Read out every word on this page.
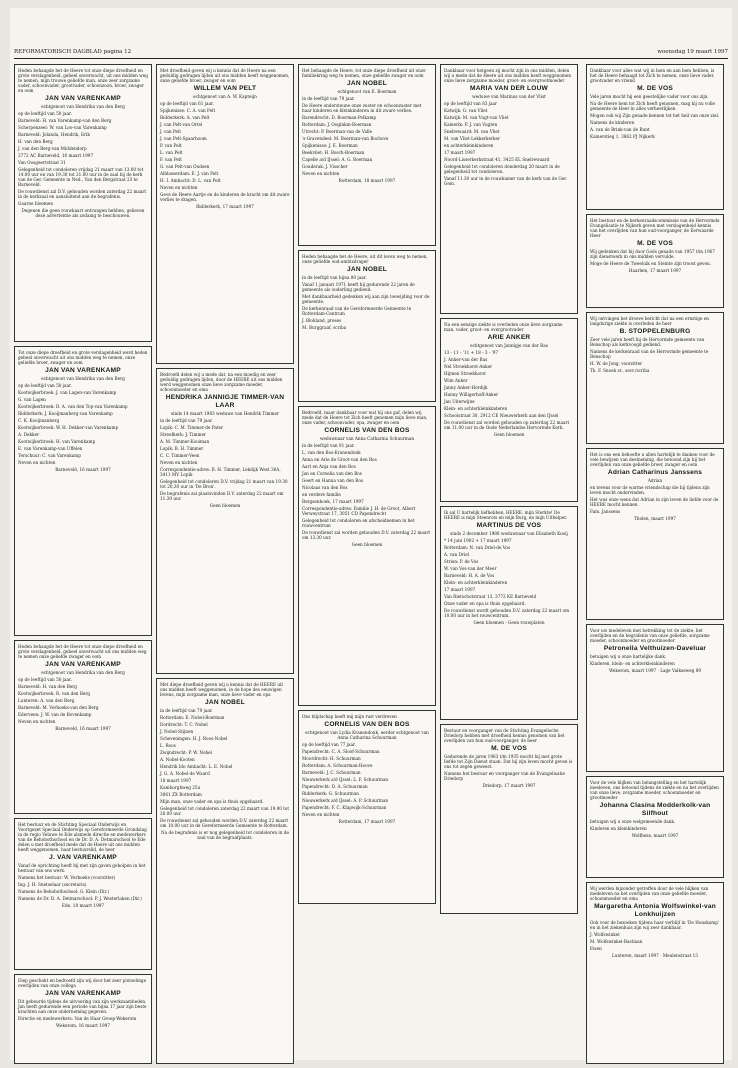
REFORMATORISCH DAGBLAD pagina 12	woensdag 19 maart 1997

Heden behaagde het de Heere tot onze diepe droefheid en grote verslagenheid, geheel onverwacht, uit ons midden weg te nemen, mijn trouwe geliefde man, onze zeer zorgzame vader, schoonvader, grootvader, schoonzoon, broer, zwager en oom

JAN VAN VARENKAMP
echtgenoot van Hendrika van den Berg

op de leeftijd van 50 jaar.

Barneveld: H. van Varenkamp-van den Berg

Scherpenzeel: W. van Loo-van Varenkamp

Barneveld: Jolanda, Hendrik, Erik

H. van den Berg

J. van den Berg-van Middendorp

3772 AC Barneveld, 16 maart 1997

Van Oosgeertstraat 31

Gelegenheid tot condoleren vrijdag 21 maart van 13.00 tot 14.00 uur en van 19.30 tot 21.00 uur in de zaal bij de kerk van de Ger. Gemeente in Ned., Van den Bergstraat 23 te Barneveld.

De rouwdienst zal D.V. gehouden worden zaterdag 22 maart in de kerkzaal en aansluitend aan de begrafenis.

Gaarne bloemen

Degenen die geen rouwkaart ontvangen hebben, gelieven deze advertentie als zodanig te beschouwen.

Tot onze diepe droefheid en grote verslagenheid werd heden geheel onverwacht uit ons midden weg te nemen, onze geliefde broer, zwager en oom

JAN VAN VARENKAMP
echtgenoot van Hendrika van den Berg

op de leeftijd van 50 jaar.

Kootwijkerbroek: J. van Lagen-van Varenkamp

G. van Lagen

Kootwijkerbroek: D. A. van den Top-van Varenkamp

Ridderkerk: J. Kooijmanberg-van Varenkamp

C. K. Kooijmanberg

Kootwijkerbroek: W. H. Dekker-van Varenkamp

A. Dekker

Kootwijkerbroek: H. van Varenkamp

E. van Varenkamp-van Uffelen

Terschuur: C. van Varenkamp

Neven en nichten

Barneveld, 16 maart 1997

Heden behaagde het de Heere tot onze diepe droefheid en grote verslagenheid, geheel onverwacht uit ons midden weg te nemen onze geliefde zwager en oom

JAN VAN VARENKAMP
echtgenoot van Hendrika van den Berg

op de leeftijd van 50 jaar.

Barneveld: H. van den Berg

Kootwijkerbroek: R. van den Berg

Lunteren: A. van den Berg

Barneveld: M. Verhoeks-van den Berg

Ederveen: J. W. van de Bovenkamp

Neven en nichten

Barneveld, 16 maart 1997

Het bestuur en de Stichting Speciaal Onderwijs en Voortgezet Speciaal Onderwijs op Gereformeerde Grondslag in de regio Veluwe te Ede alsmede directie en medewerkers van de Rehobothschool en de Dr. D. A. Detmarschool te Ede delen u met droefheid mede dat de Heere uit ons midden heeft weggenomen, haar bestuurslid, de heer

J. VAN VARENKAMP

Vanaf de oprichting heeft hij met zijn gaven geholpen in het bestuur van ons werk.

Namens het bestuur: W. Verhoeks (voorzitter)

Ing. J. H. Snetselaar (secretaris)

Namens de Rehobothschool: G. Klein (Dir.)

Namens de Dr. D. A. Detmarschool: P. J. Westerlaken (Dir.)

Ede, 18 maart 1997

Diep geschokt en bedroefd zijn wij door het zeer plotselinge overlijden van onze collega

JAN VAN VARENKAMP

Dit gebeurde tijdens de uitvoering van zijn werkzaamheden. Jan heeft gedurende een periode van bijna 17 jaar zijn beste krachten aan onze onderneming gegeven.

Directie en medewerkers: Van de Haar Groep-Wekerom

Wekerom, 16 maart 1997

Met droefheid geven wij u kennis dat de Heere na een geduldig gedragen lijden uit ons midden heeft weggenomen, onze geliefde broer, zwager en oom

WILLEM VAN PELT
echtgenoot van A. W. Kapteijn

op de leeftijd van 61 jaar.

Spijkenisse: C. A. van Pelt

Ridderkerk: A. van Pelt

J. van Pelt-van Ortel

J. van Pelt

J. van Pelt-Spaarboom

P. van Pelt

L. van Pelt

F. van Pelt

G. van Pelt-van Oudsen

Alblasserdam: E. J. van Pelt

H. I. Ambacht: D. L. van Pelt

Neven en nichten

Geve de Heere Aartje en de kinderen de kracht om dit zware verlies te dragen.

Ridderkerk, 17 maart 1997

Bedroefd delen wij u mede dat, na een moedig en zeer geduldig gedragen lijden, door de HEERE uit ons midden werd weggenomen onze lieve zorgzame moeder, schoonmoeder en oma

HENDRIKA JANNIGJE TIMMER-VAN LAAR
sinds 14 maart 1983 weduwe van Hendrik Timmer

in de leeftijd van 79 jaar.

Lopik: C. M. Timmer-de Pater

Streefkerk: J. Timmer

A. M. Timmer-Kooiman

Lopik: B. H. Timmer

C. C. Timmer-Veen

Neven en nichten

Correspondentie-adres: B. H. Timmer, Lekdijk West 36A, 3411 MV Lopik

Gelegenheid tot condoleren D.V. vrijdag 21 maart van 19.30 tot 20.30 uur in 'De Bron'.

De begrafenis zal plaatsvinden D.V. zaterdag 22 maart om 11.30 uur.

Geen bloemen

Met diepe droefheid geven wij u kennis dat de HEERE uit ons midden heeft weggenomen, in de hope des eeuwigen levens, mijn zorgzame man, onze lieve vader en opa

JAN NOBEL

in de leeftijd van 79 jaar.

Rotterdam: E. Nobel-Boerman

Dordrecht: T. C. Nobel

J. Nobel-Stijnen

Scheveningen: H. J. Roos-Nobel

L. Roos

Zwijndrecht: P. W. Nobel

A. Nobel-Kooten

Hendrik Ido Ambacht: L. E. Nobel

J. G. A. Nobel-de Waard

18 maart 1997

Kamborghweg 25a

3061 ZX Rotterdam

Mijn man, onze vader en opa is thuis opgebaard.

Gelegenheid tot condoleren zaterdag 22 maart van 19.00 tot 20.00 uur.

De rouwdienst zal gehouden worden D.V. zaterdag 22 maart om 10.00 uur in de Gereformeerde Gemeente te Rotterdam.

Na de begrafenis is er nog gelegenheid tot condoleren in de zaal van de begraafplaats.

Het behaagde de Heere, tot onze diepe droefheid uit onze familiekring weg te nemen, onze geliefde zwager en oom

JAN NOBEL
echtgenoot van E. Boerman

in de leeftijd van 79 jaar.

De Heere ondersteune onze zuster en schoonzuster met haar kinderen en kleinkinderen in dit zware verlies.

Barendrecht: D. Boerman-Polkamp

Rotterdam: J. Ooginkm-Boerman

Utrecht: P. Boerman-van de Valle

's-Gravendeel: M. Boerman-van Bochove

Spijkenisse: J. E. Boerman

Beekvliet: H. Bosch-Boerman

Capelle a/d IJssel: A. G. Boerman

Gouderak: J. Visscher

Neven en nichten

Rotterdam, 18 maart 1997

Heden behaagde het de Heere, uit dit leven weg te nemen, onze geliefde oud-ambtsdrager

JAN NOBEL

in de leeftijd van bijna 80 jaar.

Vanaf 1 januari 1971 heeft hij gedurende 22 jaren de gemeente als ouderling gediend.

Met dankbaarheid gedenken wij aan zijn toewijding voor de gemeente.

De kerkenraad van de Gereformeerde Gemeente te Rotterdam-Centrum

J. Blokland, preses

M. Burggraaf, scriba

Bedroefd, maar dankbaar voor wat hij ons gaf, delen wij mede dat de Heere tot Zich heeft genomen mijn lieve man, onze vader, schoonvader, opa, zwager en oom

CORNELIS VAN DEN BOS
weduwnaar van Anna Catharina Schuurman

in de leeftijd van 91 jaar.

L. van den Bos-Kranendonk

Anna en Arie de Groot-van den Bos

Aart en Anja van den Bos

Jan en Cornelia van den Bos

Geert en Hanna van den Bos

Nicolaas van den Bos

en verdere familie

Bergsenhoek, 17 maart 1997

Correspondentie-adres: Familie J. H. de Groot, Albert Verweystraat 17, 3051 CD Papendrecht

Gelegenheid tot condoleren en afscheidnemen in het rouwcentrum

De rouwdienst zal worden gehouden D.V. zaterdag 22 maart om 13.30 uur.

Geen bloemen

Ons blijdschap heeft mij mijn rust verdreven

CORNELIS VAN DEN BOS
echtgenoot van Lydia Kranendonk, eerder echtgenoot van Anna Catharina Schuurman

op de leeftijd van 77 jaar.

Papendrecht: C. A. Sloof-Schuurman

Moordrecht: H. Schuurman

Rotterdam: A. Schuurman-Hoove

Barneveld: J. C. Schuurman

Nieuwerkerk a/d IJssel: L. F. Schuurman

Papendrecht: D. A. Schuurman

Ridderkerk: G. Schuurman

Nieuwerkerk a/d IJssel: A. P. Schuurman

Papendrecht: F. C. Klapwijk-Schuurman

Neven en nichten

Rotterdam, 17 maart 1997

Dankbaar voor hetgeen zij mocht zijn in ons midden, delen wij u mede dat de Heere uit ons midden heeft weggenomen onze lieve zorgzame moeder, groot- en overgrootmoeder

MARIA VAN DER LOUW
weduwe van Marinus van der Vlist

op de leeftijd van 83 jaar

Katwijk: G. van Vliet

Katwijk: M. van Vugt-van Vliet

Kamerik: P. J. van Vugten

Snelrewaard: M. van Vliet

M. van Vliet-Lekkerkerker

en achterkleinkinderen

17 maart 1997

Noord-Lisserkerkstraat 41, 3425 EL Snelrewaard

Gelegenheid tot condoleren donderdag 20 maart in de gelegenheid tot condoleren.

Vanaf 11.30 uur in de rouwkamer van de kerk van de Ger. Gem.

Na een eenzige ziekte is overleden onze lieve zorgzame man, vader, groot- en overgrootvader

ARIE ANKER
echtgenoot van Jannigje van der Bas

13 - 11 - '11 + 18 - 3 - '97

J. Anker-van der Bas

Nel Stroekhorst-Anker

Hijmen Stroekhorst

Wim Anker

Janny Anker-Hordijk

Hanny Willigerhoff-Anker

Jan Uiterwijne

Klein- en achterkleinkinderen

Schoolstraat 30, 2912 CE Nieuwerkerk aan den IJssel

De rouwdienst zal worden gehouden op zaterdag 22 maart om 11.00 uur in de Oude Nederlandse Hervormde Kerk.

Geen bloemen

Ik sal U hartelijk liefhebben, HEERE, mijn Sterkte! De HEERE is mijn Steenrots en mijn Burg, en mijn Uithelper.

MARTINUS DE VOS
sinds 2 december 1988 weduwnaar van Elisabeth Kooij

* 14 juni 1902 + 17 maart 1997

Rotterdam: N. van Driel-de Vos

A. van Driel

Strien: P. de Vos

W. van Vos-van der Meer

Barneveld: H. A. de Vos

Klein- en achterkleinkinderen

17 maart 1997

Van Rietschotstraat 13, 3772 KE Barneveld

Onze vader en opa is thuis opgebaard.

De rouwdienst wordt gehouden D.V. zaterdag 22 maart om 10.00 uur in het rouwcentrum.

Geen bloemen - Geen rouwplaten

Bestuur en voorganger van de Stichting Evangelische Driedorp hebben met droefheid kennis genomen van het overlijden van hun oud-voorganger, de heer

M. DE VOS

Gedurende de jaren 1963 t/m 1935 mocht hij met grote liefde tot Zijn Dienst staan. Dat hij zijn leven mocht geven is ons tot zegen geweest.

Namens het bestuur en voorganger van de Evangelisatie Driedorp

Driedorp, 17 maart 1997

Dankbaar voor alles wat wij in hem en aan hem hebben, is het de Heere behaagd tot Zich te nemen, onze lieve vader, grootvader en vriend

M. DE VOS

Vele jaren mocht hij een geestelijke vader voor ons zijn.

Na de Heere hem tot Zich heeft genomen, mag hij nu volle gemeente de Heer in alles verheerlijken.

Mogen ook wij Zijn genade kennen tot het heil van onze ziel.

Namens de kinderen

A. van de Brink-van de Bunt

Kamerstieg 1, 3862 PJ Nijkerk

Het bestuur en de kerkenraadscommissie van de Hervormde Evangelisatie te Nijkerk geven met verslagenheid kennis van het overlijden van hun oud-voorganger, de Eerwaarde Heer

M. DE VOS

Wij gedenken dat hij door Gods genade van 1957 t/m 1967 zijn dienstwerk in ons midden vervulde.

Moge de Heere de Tweeluik en Steinte zijn troost geven.

Haarlem, 17 maart 1997

Wij ontvingen het droeve bericht dat na een ernstige en langdurige ziekte is overleden de heer

B. STOPPELENBURG

Zeer vele jaren heeft hij de Hervormde gemeente van Benschop als kerkvoogd gediend.

Namens de kerkenraad van de Hervormde gemeente te Benschop

H. W. de Jong, voorzitter

Th. F. Snoek sr., secr./scriba

Het is ons een behoefte u allen hartelijk te danken voor de vele bewijzen van deelneming, die betoond zijn bij het overlijden van onze geliefde broer, zwager en oom

Adrian Catharinus Janssens
Adrian

en tevens voor de warme vriendschap die hij tijdens zijn leven mocht ondervinden.

Het was onze wens dat Adrian in zijn leven de liefde voor de HEERE mocht kennen.

Fam. Janssens

Tholen, maart 1997

Voor uw medeleven met betrekking tot de ziekte, het overlijden en de begrafenis van onze geliefde, zorgzame moeder, schoonmoeder en grootmoeder

Petronella Velthuizen-Daveluar

betuigen wij u onze hartelijke dank.

Kinderen, klein- en achterkleinkinderen

Wekerom, maart 1997 · Lage Valkseweg 89

Voor de vele blijken van belangstelling en het hartelijk meeleven, ons betoond tijdens de ziekte en na het overlijden van onze lieve, zorgzame moeder, schoonmoeder en grootmoeder

Johanna Clasina Modderkolk-van Silfhout

betuigen wij u onze welgemeende dank.

Kinderen en kleinkinderen

Wolfheze, maart 1997

Wij werden bijzonder getroffen door de vele blijken van medeleven na het overlijden van onze geliefde moeder, schoonmoeder en oma

Margaretha Antonia Wolfswinkel-van Lonkhuijzen

Ook voor de bezoeken tijdens haar verblijf in 'De Honskamp' en in het ziekenhuis zijn wij zeer dankbaar.

J. Wolfswinkel

M. Wolfswinkel-Bastiaan

Ewen

Lunteren, maart 1997 · Meulenstraat 13
